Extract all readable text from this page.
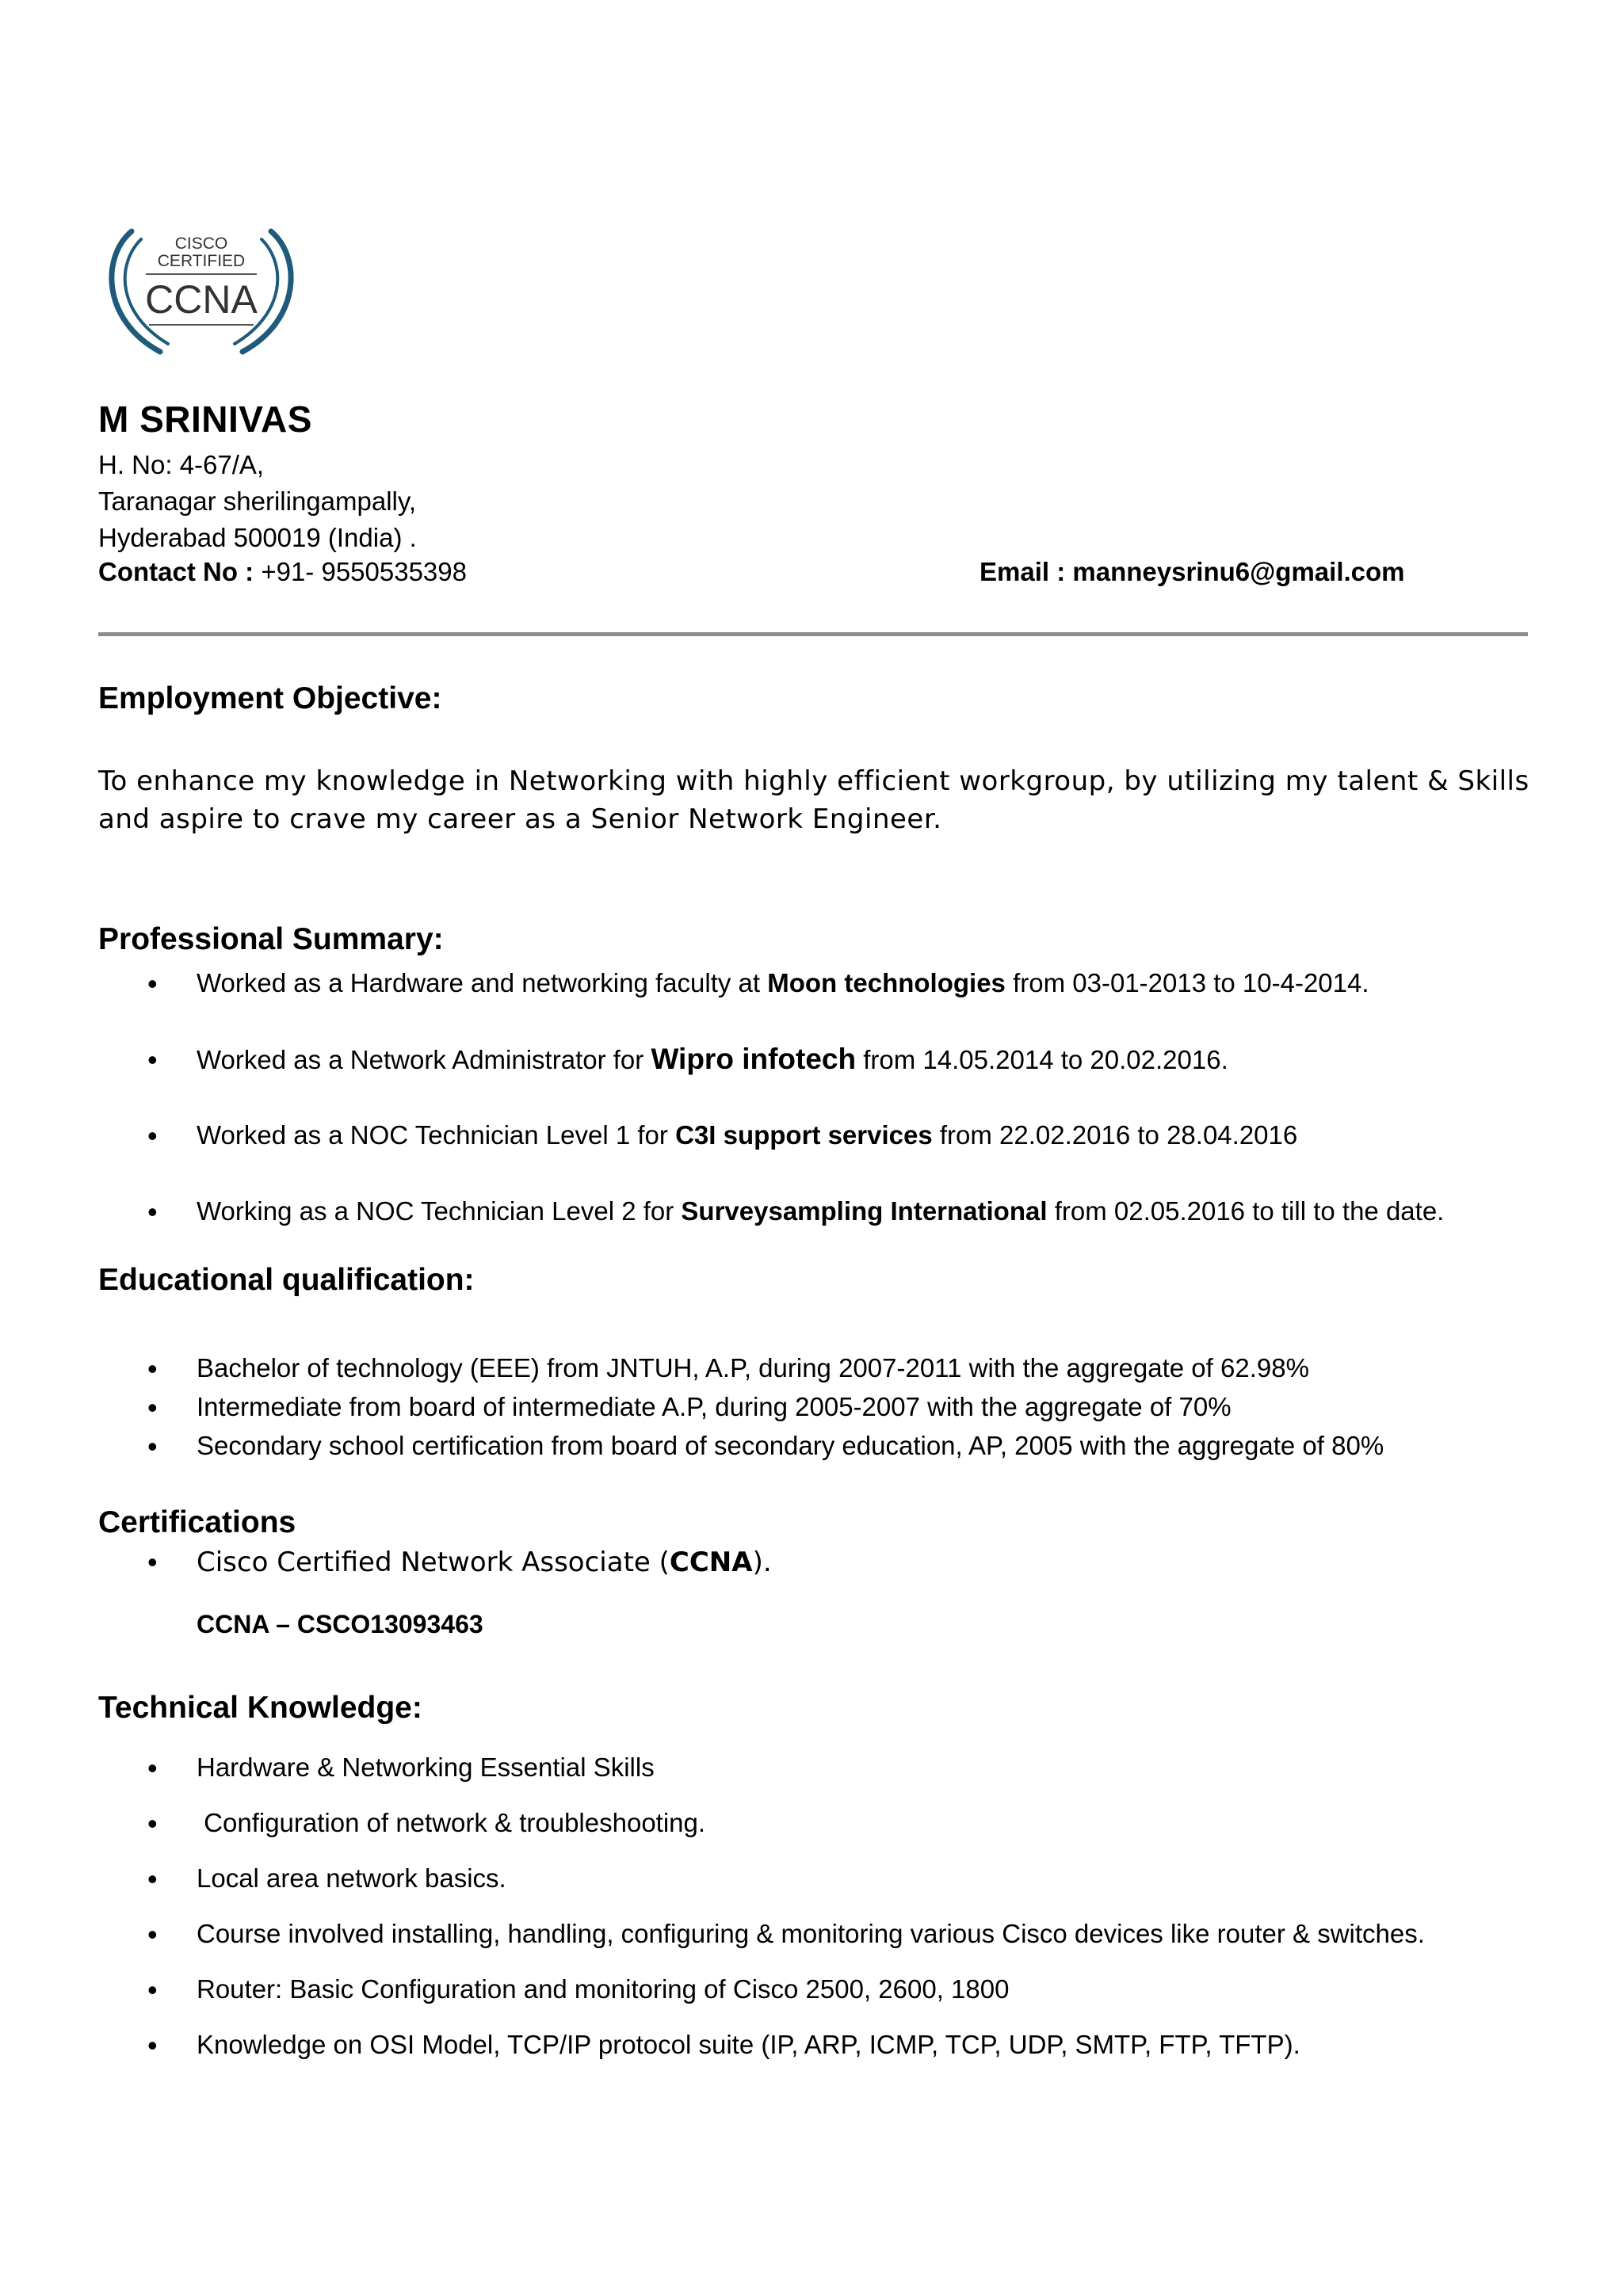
CISCO
CERTIFIED
CCNA
M SRINIVAS
H. No: 4-67/A,
Taranagar sherilingampally,
Hyderabad 500019 (India) .
Contact No : +91- 9550535398	Email : manneysrinu6@gmail.com
Employment Objective:
To enhance my knowledge in Networking with highly efficient workgroup, by utilizing my talent & Skills and aspire to crave my career as a Senior Network Engineer.
Professional Summary:
• Worked as a Hardware and networking faculty at Moon technologies from 03-01-2013 to 10-4-2014.
• Worked as a Network Administrator for Wipro infotech from 14.05.2014 to 20.02.2016.
• Worked as a NOC Technician Level 1 for C3I support services from 22.02.2016 to 28.04.2016
• Working as a NOC Technician Level 2 for Surveysampling International from 02.05.2016 to till to the date.
Educational qualification:
• Bachelor of technology (EEE) from JNTUH, A.P, during 2007-2011 with the aggregate of 62.98%
• Intermediate from board of intermediate A.P, during 2005-2007 with the aggregate of 70%
• Secondary school certification from board of secondary education, AP, 2005 with the aggregate of 80%
Certifications
• Cisco Certified Network Associate (CCNA).
CCNA – CSCO13093463
Technical Knowledge:
• Hardware & Networking Essential Skills
• Configuration of network & troubleshooting.
• Local area network basics.
• Course involved installing, handling, configuring & monitoring various Cisco devices like router & switches.
• Router: Basic Configuration and monitoring of Cisco 2500, 2600, 1800
• Knowledge on OSI Model, TCP/IP protocol suite (IP, ARP, ICMP, TCP, UDP, SMTP, FTP, TFTP).
